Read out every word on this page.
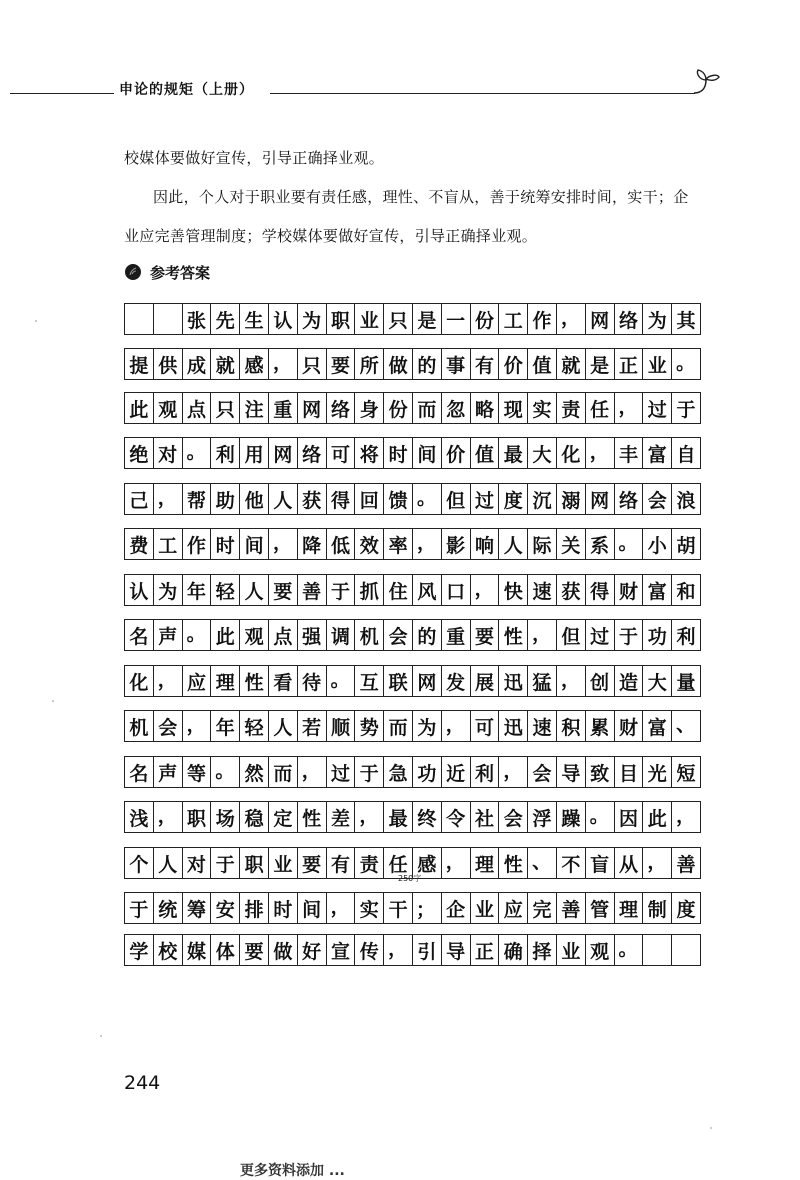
申论的规矩（上册）
校媒体要做好宣传，引导正确择业观。
因此，个人对于职业要有责任感，理性、不盲从，善于统筹安排时间，实干；企
业应完善管理制度；学校媒体要做好宣传，引导正确择业观。
参考答案
张 先 生 认 为 职 业 只 是 一 份 工 作 ， 网 络 为 其
提 供 成 就 感 ， 只 要 所 做 的 事 有 价 值 就 是 正 业 。
此 观 点 只 注 重 网 络 身 份 而 忽 略 现 实 责 任 ， 过 于
绝 对 。 利 用 网 络 可 将 时 间 价 值 最 大 化 ， 丰 富 自
己 ， 帮 助 他 人 获 得 回 馈 。 但 过 度 沉 溺 网 络 会 浪
费 工 作 时 间 ， 降 低 效 率 ， 影 响 人 际 关 系 。 小 胡
认 为 年 轻 人 要 善 于 抓 住 风 口 ， 快 速 获 得 财 富 和
名 声 。 此 观 点 强 调 机 会 的 重 要 性 ， 但 过 于 功 利
化 ， 应 理 性 看 待 。 互 联 网 发 展 迅 猛 ， 创 造 大 量
机 会 ， 年 轻 人 若 顺 势 而 为 ， 可 迅 速 积 累 财 富 、
名 声 等 。 然 而 ， 过 于 急 功 近 利 ， 会 导 致 目 光 短
浅 ， 职 场 稳 定 性 差 ， 最 终 令 社 会 浮 躁 。 因 此 ，
个 人 对 于 职 业 要 有 责 任 感 ， 理 性 、 不 盲 从 ， 善
于 统 筹 安 排 时 间 ， 实 干 ； 企 业 应 完 善 管 理 制 度
学 校 媒 体 要 做 好 宣 传 ， 引 导 正 确 择 业 观 。
250字
244
更多资料添加 ...
